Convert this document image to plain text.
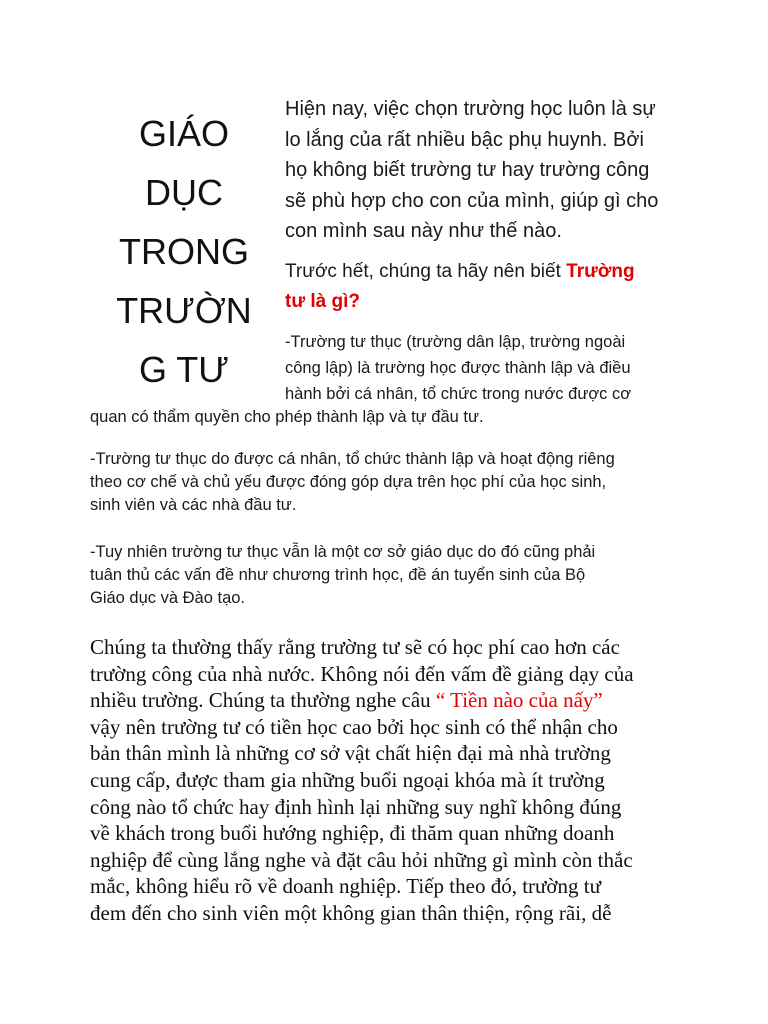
GIÁO
DỤC
TRONG
TRƯỜN
G TƯ

Hiện nay, việc chọn trường học luôn là sự
lo lắng của rất nhiều bậc phụ huynh. Bởi
họ không biết trường tư hay trường công
sẽ phù hợp cho con của mình, giúp gì cho
con mình sau này như thế nào.

Trước hết, chúng ta hãy nên biết Trường
tư là gì?

-Trường tư thục (trường dân lập, trường ngoài
công lập) là trường học được thành lập và điều
hành bởi cá nhân, tổ chức trong nước được cơ

quan có thẩm quyền cho phép thành lập và tự đầu tư.

-Trường tư thục do được cá nhân, tổ chức thành lập và hoạt động riêng
theo cơ chế và chủ yếu được đóng góp dựa trên học phí của học sinh,
sinh viên và các nhà đầu tư.

-Tuy nhiên trường tư thục vẫn là một cơ sở giáo dục do đó cũng phải
tuân thủ các vấn đề như chương trình học, đề án tuyển sinh của Bộ
Giáo dục và Đào tạo.

Chúng ta thường thấy rằng trường tư sẽ có học phí cao hơn các
trường công của nhà nước. Không nói đến vấm đề giảng dạy của
nhiều trường. Chúng ta thường nghe câu “ Tiền nào của nấy”
vậy nên trường tư có tiền học cao bởi học sinh có thể nhận cho
bản thân mình là những cơ sở vật chất hiện đại mà nhà trường
cung cấp, được tham gia những buổi ngoại khóa mà ít trường
công nào tổ chức hay định hình lại những suy nghĩ không đúng
về khách trong buổi hướng nghiệp, đi thăm quan những doanh
nghiệp để cùng lắng nghe và đặt câu hỏi những gì mình còn thắc
mắc, không hiểu rõ về doanh nghiệp. Tiếp theo đó, trường tư
đem đến cho sinh viên một không gian thân thiện, rộng rãi, dễ
